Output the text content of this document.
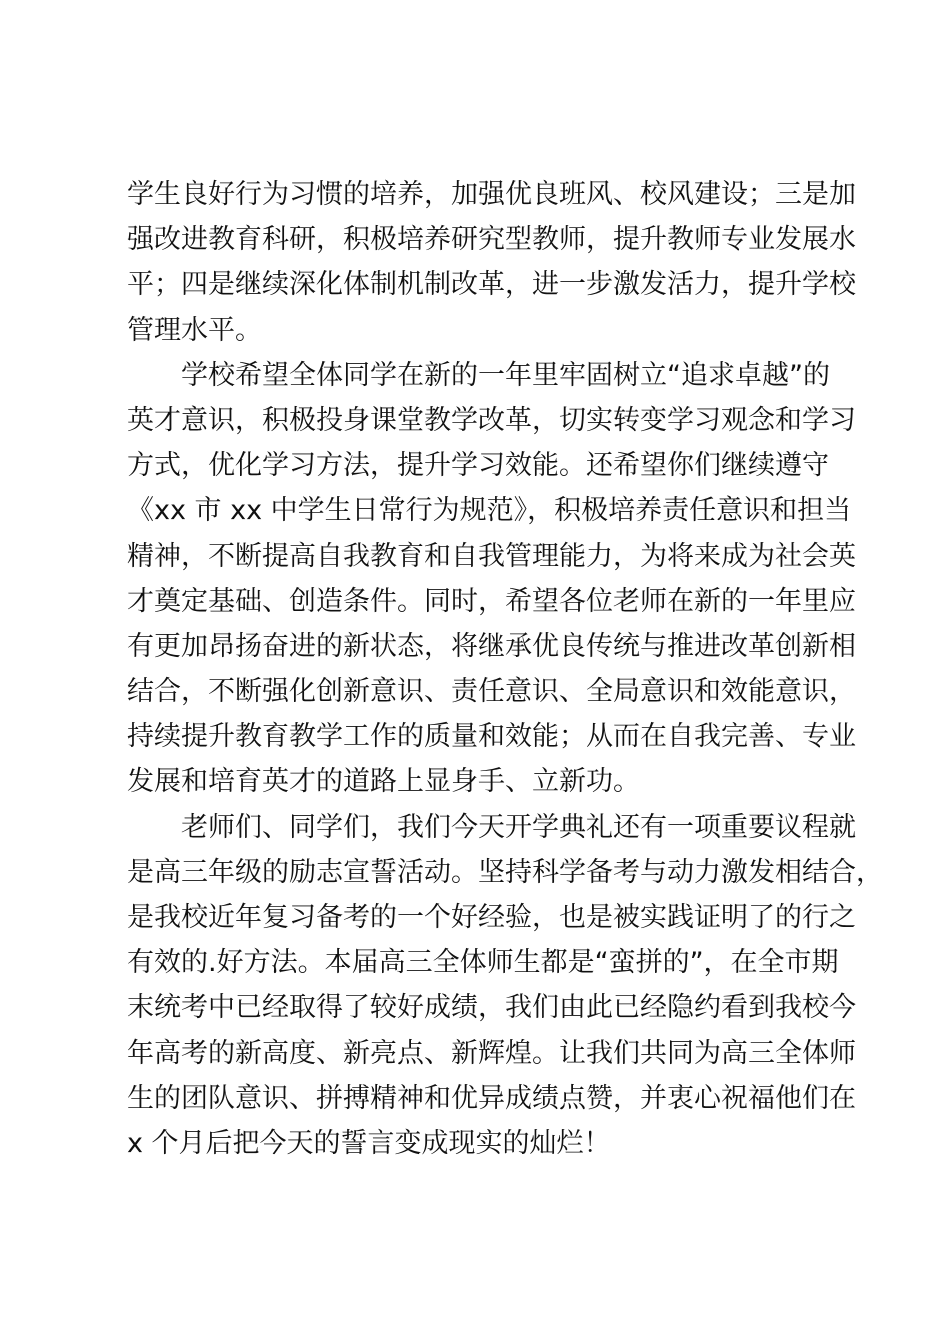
学生良好行为习惯的培养，加强优良班风、校风建设；三是加
强改进教育科研，积极培养研究型教师，提升教师专业发展水
平；四是继续深化体制机制改革，进一步激发活力，提升学校
管理水平。
学校希望全体同学在新的一年里牢固树立“追求卓越”的
英才意识，积极投身课堂教学改革，切实转变学习观念和学习
方式，优化学习方法，提升学习效能。还希望你们继续遵守
《xx 市 xx 中学生日常行为规范》，积极培养责任意识和担当
精神，不断提高自我教育和自我管理能力，为将来成为社会英
才奠定基础、创造条件。同时，希望各位老师在新的一年里应
有更加昂扬奋进的新状态，将继承优良传统与推进改革创新相
结合，不断强化创新意识、责任意识、全局意识和效能意识，
持续提升教育教学工作的质量和效能；从而在自我完善、专业
发展和培育英才的道路上显身手、立新功。
老师们、同学们，我们今天开学典礼还有一项重要议程就
是高三年级的励志宣誓活动。坚持科学备考与动力激发相结合，
是我校近年复习备考的一个好经验，也是被实践证明了的行之
有效的.好方法。本届高三全体师生都是“蛮拼的”，在全市期
末统考中已经取得了较好成绩，我们由此已经隐约看到我校今
年高考的新高度、新亮点、新辉煌。让我们共同为高三全体师
生的团队意识、拼搏精神和优异成绩点赞，并衷心祝福他们在
x 个月后把今天的誓言变成现实的灿烂！
